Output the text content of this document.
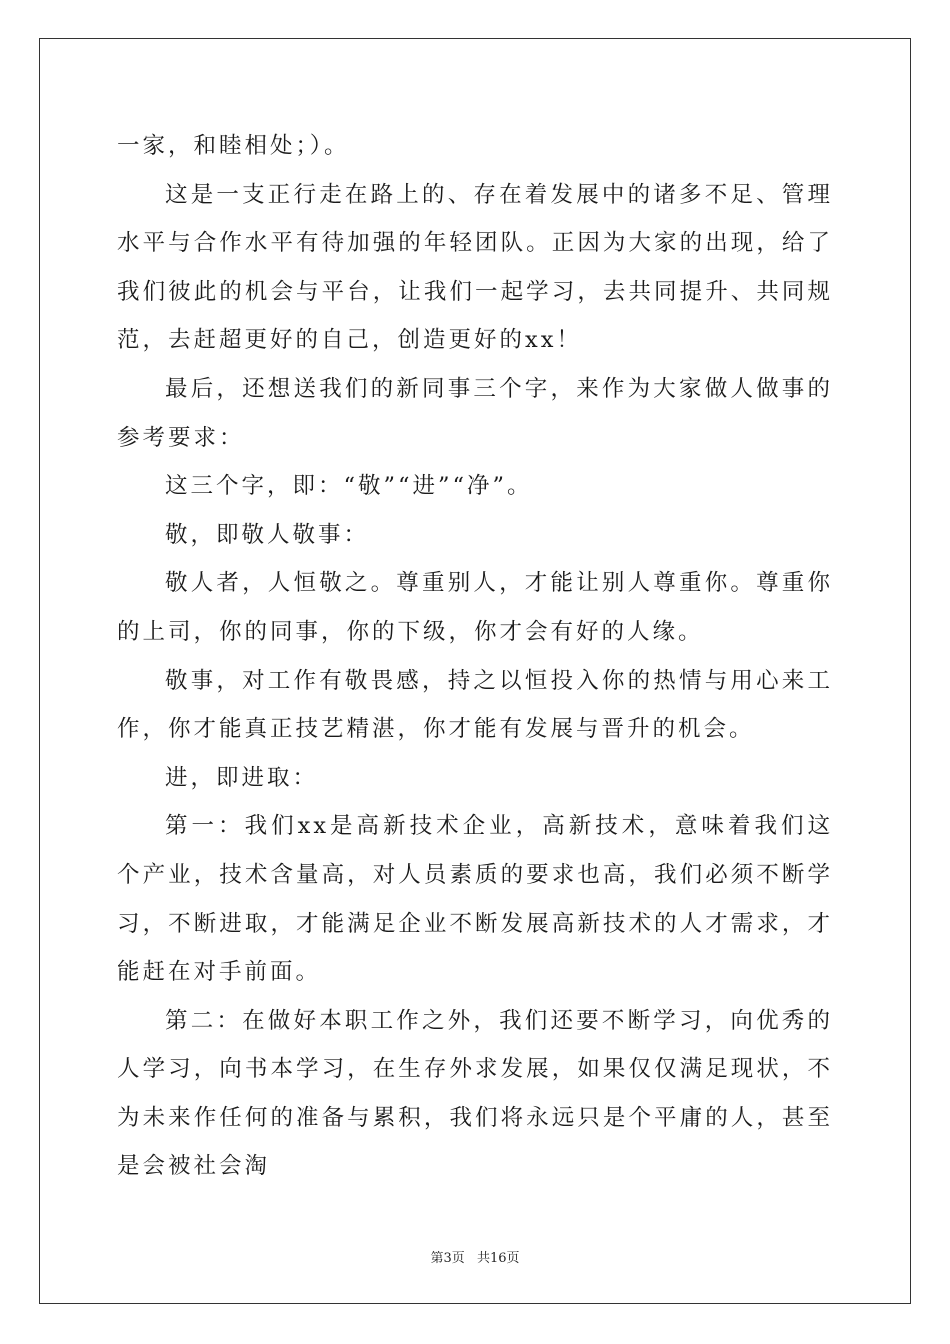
一家，和睦相处；）。

这是一支正行走在路上的、存在着发展中的诸多不足、管理水平与合作水平有待加强的年轻团队。正因为大家的出现，给了我们彼此的机会与平台，让我们一起学习，去共同提升、共同规范，去赶超更好的自己，创造更好的xx！

最后，还想送我们的新同事三个字，来作为大家做人做事的参考要求：

这三个字，即：“敬”“进”“净”。

敬，即敬人敬事：

敬人者，人恒敬之。尊重别人，才能让别人尊重你。尊重你的上司，你的同事，你的下级，你才会有好的人缘。

敬事，对工作有敬畏感，持之以恒投入你的热情与用心来工作，你才能真正技艺精湛，你才能有发展与晋升的机会。

进，即进取：

第一：我们xx是高新技术企业，高新技术，意味着我们这个产业，技术含量高，对人员素质的要求也高，我们必须不断学习，不断进取，才能满足企业不断发展高新技术的人才需求，才能赶在对手前面。

第二：在做好本职工作之外，我们还要不断学习，向优秀的人学习，向书本学习，在生存外求发展，如果仅仅满足现状，不为未来作任何的准备与累积，我们将永远只是个平庸的人，甚至是会被社会淘

第3页 共16页
